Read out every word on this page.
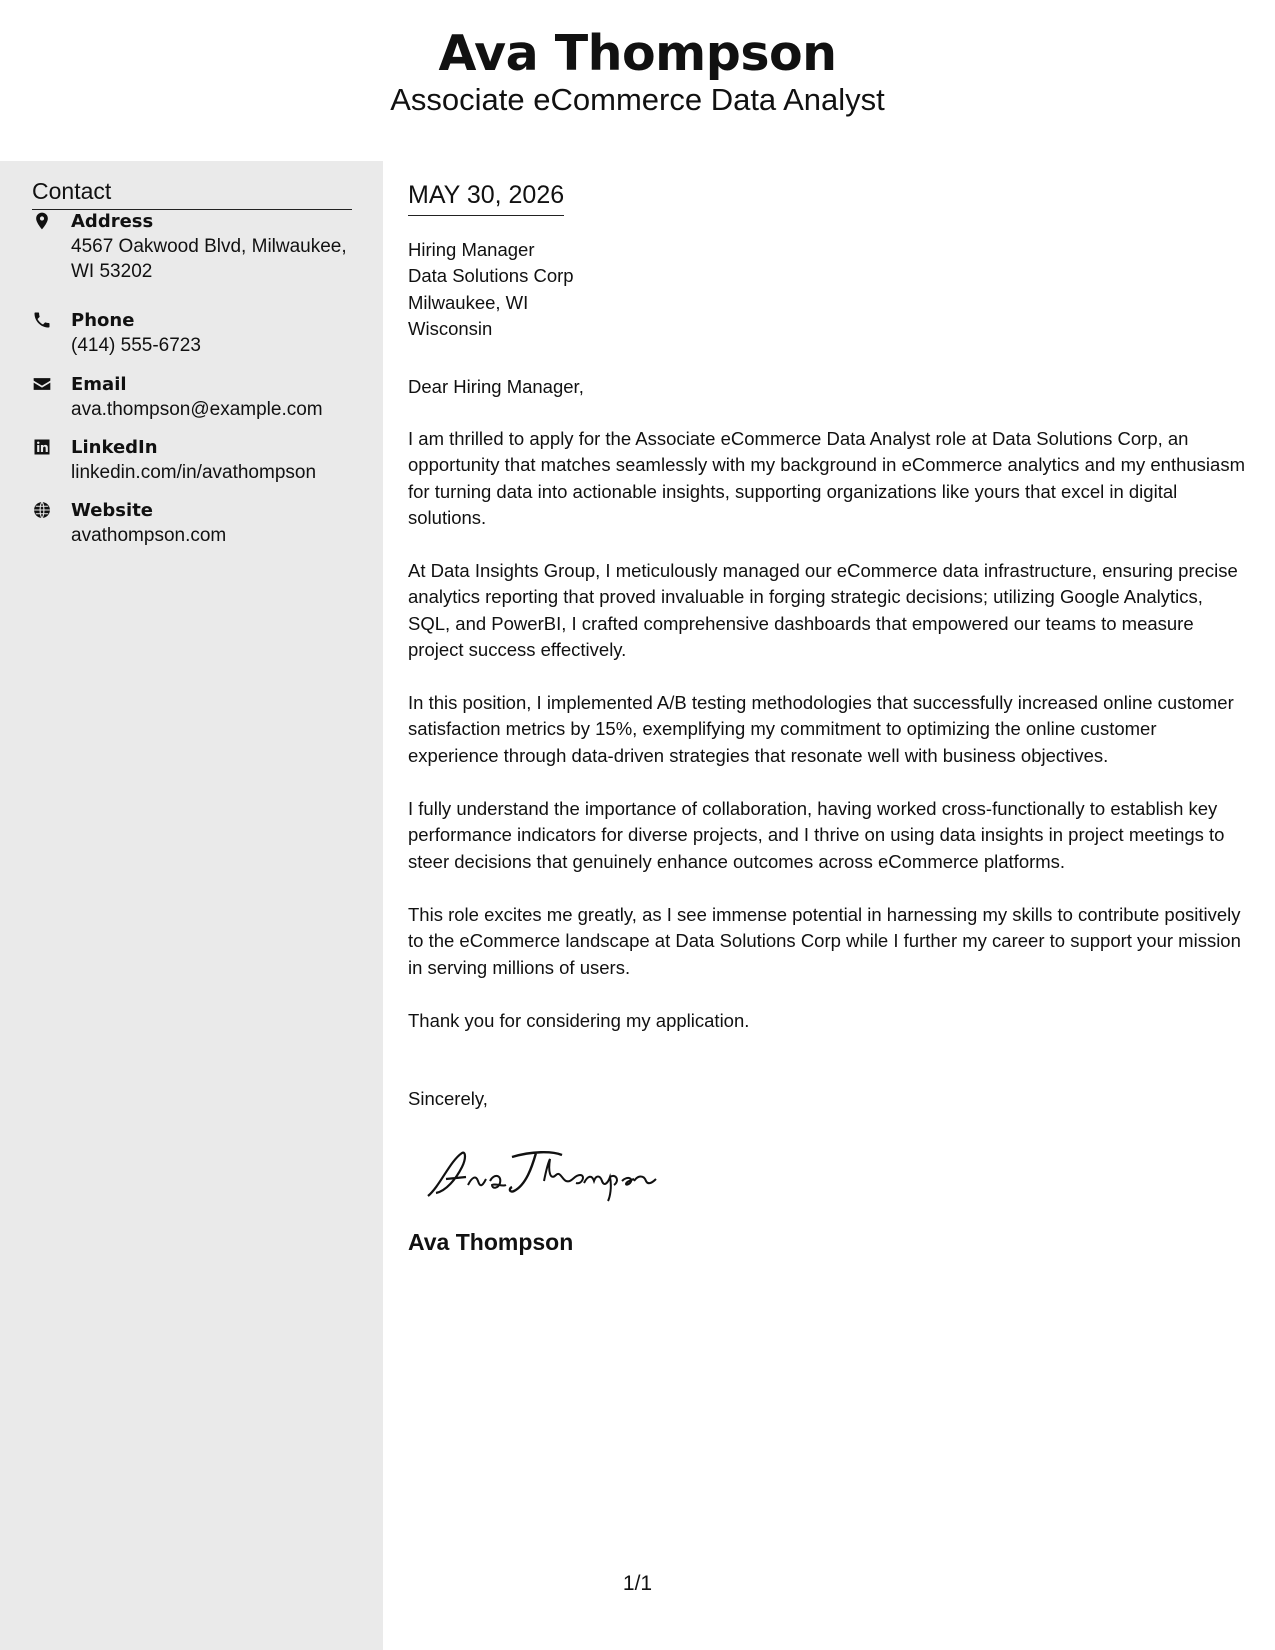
Ava Thompson
Associate eCommerce Data Analyst
Contact
Address
4567 Oakwood Blvd, Milwaukee, WI 53202
Phone
(414) 555-6723
Email
ava.thompson@example.com
LinkedIn
linkedin.com/in/avathompson
Website
avathompson.com
MAY 30, 2026
Hiring Manager
Data Solutions Corp
Milwaukee, WI
Wisconsin
Dear Hiring Manager,
I am thrilled to apply for the Associate eCommerce Data Analyst role at Data Solutions Corp, an opportunity that matches seamlessly with my background in eCommerce analytics and my enthusiasm for turning data into actionable insights, supporting organizations like yours that excel in digital solutions.
At Data Insights Group, I meticulously managed our eCommerce data infrastructure, ensuring precise analytics reporting that proved invaluable in forging strategic decisions; utilizing Google Analytics, SQL, and PowerBI, I crafted comprehensive dashboards that empowered our teams to measure project success effectively.
In this position, I implemented A/B testing methodologies that successfully increased online customer satisfaction metrics by 15%, exemplifying my commitment to optimizing the online customer experience through data-driven strategies that resonate well with business objectives.
I fully understand the importance of collaboration, having worked cross-functionally to establish key performance indicators for diverse projects, and I thrive on using data insights in project meetings to steer decisions that genuinely enhance outcomes across eCommerce platforms.
This role excites me greatly, as I see immense potential in harnessing my skills to contribute positively to the eCommerce landscape at Data Solutions Corp while I further my career to support your mission in serving millions of users.
Thank you for considering my application.
Sincerely,
Ava Thompson
1/1
